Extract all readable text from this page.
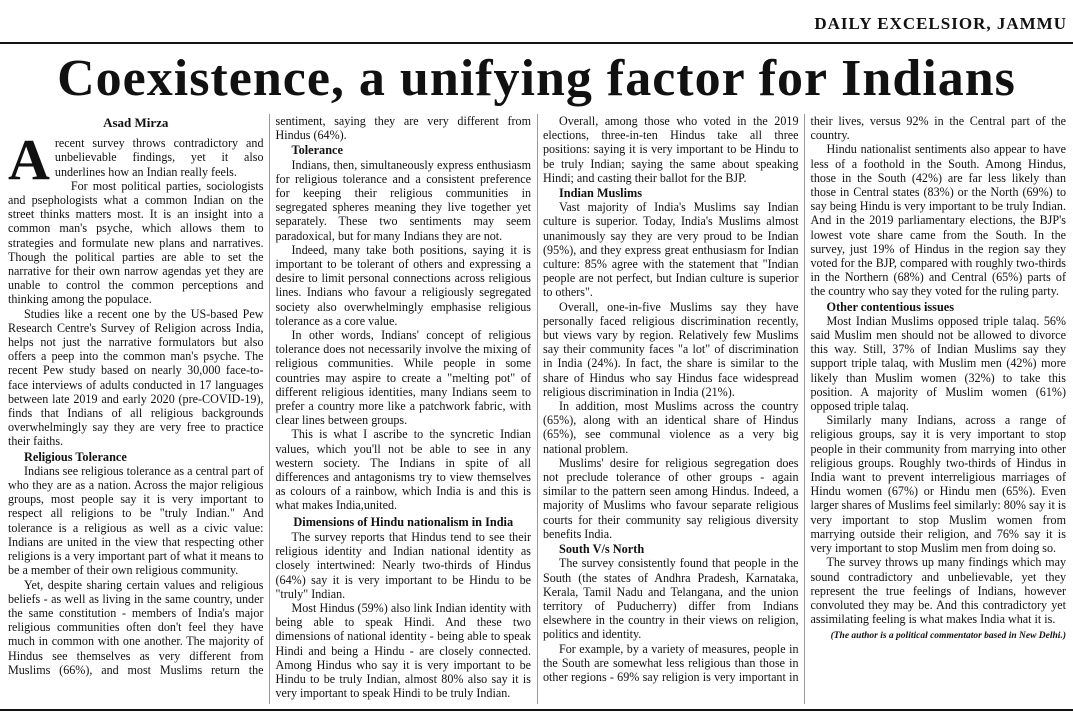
DAILY EXCELSIOR, JAMMU
Coexistence, a unifying factor for Indians
Asad Mirza

Arecent survey throws contradictory and unbelievable findings, yet it also underlines how an Indian really feels.

For most political parties, sociologists and psephologists what a common Indian on the street thinks matters most. It is an insight into a common man's psyche, which allows them to strategies and formulate new plans and narratives. Though the political parties are able to set the narrative for their own narrow agendas yet they are unable to control the common perceptions and thinking among the populace.

Studies like a recent one by the US-based Pew Research Centre's Survey of Religion across India, helps not just the narrative formulators but also offers a peep into the common man's psyche. The recent Pew study based on nearly 30,000 face-to-face interviews of adults conducted in 17 languages between late 2019 and early 2020 (pre-COVID-19), finds that Indians of all religious backgrounds overwhelmingly say they are very free to practice their faiths.

Religious Tolerance

Indians see religious tolerance as a central part of who they are as a nation. Across the major religious groups, most people say it is very important to respect all religions to be "truly Indian." And tolerance is a religious as well as a civic value: Indians are united in the view that respecting other religions is a very important part of what it means to be a member of their own religious community.

Yet, despite sharing certain values and religious beliefs - as well as living in the same country, under the same constitution - members of India's major religious communities often don't feel they have much in common with one another. The majority of Hindus see themselves as very different from Muslims (66%), and most Muslims return the sentiment, saying they are very different from Hindus (64%).

Tolerance

Indians, then, simultaneously express enthusiasm for religious tolerance and a consistent preference for keeping their religious communities in segregated spheres meaning they live together yet separately. These two sentiments may seem paradoxical, but for many Indians they are not.

Indeed, many take both positions, saying it is important to be tolerant of others and expressing a desire to limit personal connections across religious lines. Indians who favour a religiously segregated society also overwhelmingly emphasise religious tolerance as a core value.

In other words, Indians' concept of religious tolerance does not necessarily involve the mixing of religious communities. While people in some countries may aspire to create a "melting pot" of different religious identities, many Indians seem to prefer a country more like a patchwork fabric, with clear lines between groups.

This is what I ascribe to the syncretic Indian values, which you'll not be able to see in any western society. The Indians in spite of all differences and antagonisms try to view themselves as colours of a rainbow, which India is and this is what makes India,united.

Dimensions of Hindu nationalism in India

The survey reports that Hindus tend to see their religious identity and Indian national identity as closely intertwined: Nearly two-thirds of Hindus (64%) say it is very important to be Hindu to be "truly" Indian.

Most Hindus (59%) also link Indian identity with being able to speak Hindi. And these two dimensions of national identity - being able to speak Hindi and being a Hindu - are closely connected. Among Hindus who say it is very important to be Hindu to be truly Indian, almost 80% also say it is very important to speak Hindi to be truly Indian.

Overall, among those who voted in the 2019 elections, three-in-ten Hindus take all three positions: saying it is very important to be Hindu to be truly Indian; saying the same about speaking Hindi; and casting their ballot for the BJP.

Indian Muslims

Vast majority of India's Muslims say Indian culture is superior. Today, India's Muslims almost unanimously say they are very proud to be Indian (95%), and they express great enthusiasm for Indian culture: 85% agree with the statement that "Indian people are not perfect, but Indian culture is superior to others".

Overall, one-in-five Muslims say they have personally faced religious discrimination recently, but views vary by region. Relatively few Muslims say their community faces "a lot" of discrimination in India (24%). In fact, the share is similar to the share of Hindus who say Hindus face widespread religious discrimination in India (21%).

In addition, most Muslims across the country (65%), along with an identical share of Hindus (65%), see communal violence as a very big national problem.

Muslims' desire for religious segregation does not preclude tolerance of other groups - again similar to the pattern seen among Hindus. Indeed, a majority of Muslims who favour separate religious courts for their community say religious diversity benefits India.

South V/s North

The survey consistently found that people in the South (the states of Andhra Pradesh, Karnataka, Kerala, Tamil Nadu and Telangana, and the union territory of Puducherry) differ from Indians elsewhere in the country in their views on religion, politics and identity.

For example, by a variety of measures, people in the South are somewhat less religious than those in other regions - 69% say religion is very important in their lives, versus 92% in the Central part of the country.

Hindu nationalist sentiments also appear to have less of a foothold in the South. Among Hindus, those in the South (42%) are far less likely than those in Central states (83%) or the North (69%) to say being Hindu is very important to be truly Indian. And in the 2019 parliamentary elections, the BJP's lowest vote share came from the South. In the survey, just 19% of Hindus in the region say they voted for the BJP, compared with roughly two-thirds in the Northern (68%) and Central (65%) parts of the country who say they voted for the ruling party.

Other contentious issues

Most Indian Muslims opposed triple talaq. 56% said Muslim men should not be allowed to divorce this way. Still, 37% of Indian Muslims say they support triple talaq, with Muslim men (42%) more likely than Muslim women (32%) to take this position. A majority of Muslim women (61%) opposed triple talaq.

Similarly many Indians, across a range of religious groups, say it is very important to stop people in their community from marrying into other religious groups. Roughly two-thirds of Hindus in India want to prevent interreligious marriages of Hindu women (67%) or Hindu men (65%). Even larger shares of Muslims feel similarly: 80% say it is very important to stop Muslim women from marrying outside their religion, and 76% say it is very important to stop Muslim men from doing so.

The survey throws up many findings which may sound contradictory and unbelievable, yet they represent the true feelings of Indians, however convoluted they may be. And this contradictory yet assimilating feeling is what makes India what it is.

(The author is a political commentator based in New Delhi.)
